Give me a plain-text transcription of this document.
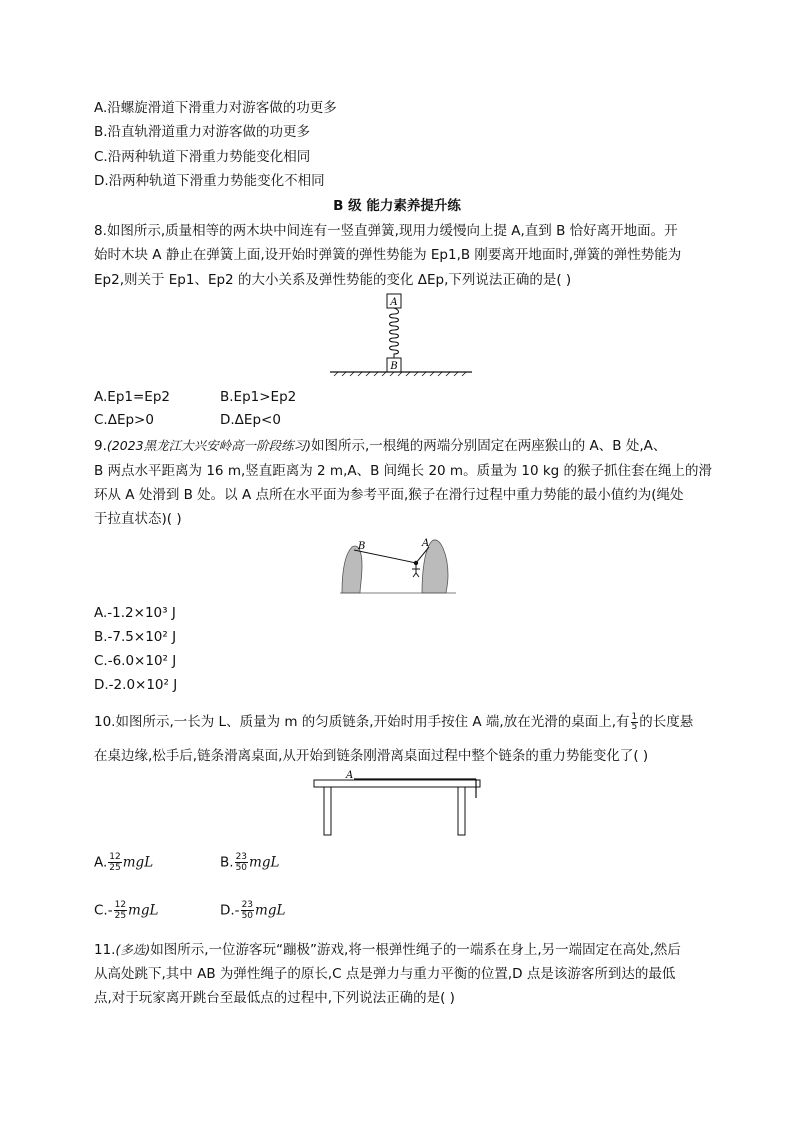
A.沿螺旋滑道下滑重力对游客做的功更多
B.沿直轨滑道重力对游客做的功更多
C.沿两种轨道下滑重力势能变化相同
D.沿两种轨道下滑重力势能变化不相同
B 级 能力素养提升练
8.如图所示,质量相等的两木块中间连有一竖直弹簧,现用力缓慢向上提 A,直到 B 恰好离开地面。开
始时木块 A 静止在弹簧上面,设开始时弹簧的弹性势能为 Ep1,B 刚要离开地面时,弹簧的弹性势能为
Ep2,则关于 Ep1、Ep2 的大小关系及弹性势能的变化 ΔEp,下列说法正确的是( )
A
B
A.Ep1=Ep2	B.Ep1>Ep2
C.ΔEp>0	D.ΔEp<0
9.(2023黑龙江大兴安岭高一阶段练习)如图所示,一根绳的两端分别固定在两座猴山的 A、B 处,A、
B 两点水平距离为 16 m,竖直距离为 2 m,A、B 间绳长 20 m。质量为 10 kg 的猴子抓住套在绳上的滑
环从 A 处滑到 B 处。以 A 点所在水平面为参考平面,猴子在滑行过程中重力势能的最小值约为(绳处
于拉直状态)( )
B	A
A.-1.2×10³ J
B.-7.5×10² J
C.-6.0×10² J
D.-2.0×10² J
10.如图所示,一长为 L、质量为 m 的匀质链条,开始时用手按住 A 端,放在光滑的桌面上,有 $\frac{1}{5}$ 的长度悬
在桌边缘,松手后,链条滑离桌面,从开始到链条刚滑离桌面过程中整个链条的重力势能变化了( )
A
A. $\frac{12}{25}$ mgL	B. $\frac{23}{50}$ mgL
$C.- \frac{12}{25}$ mgL	$D.- \frac{23}{50}$ mgL
11.(多选)如图所示,一位游客玩“蹦极”游戏,将一根弹性绳子的一端系在身上,另一端固定在高处,然后
从高处跳下,其中 AB 为弹性绳子的原长,C 点是弹力与重力平衡的位置,D 点是该游客所到达的最低
点,对于玩家离开跳台至最低点的过程中,下列说法正确的是( )
